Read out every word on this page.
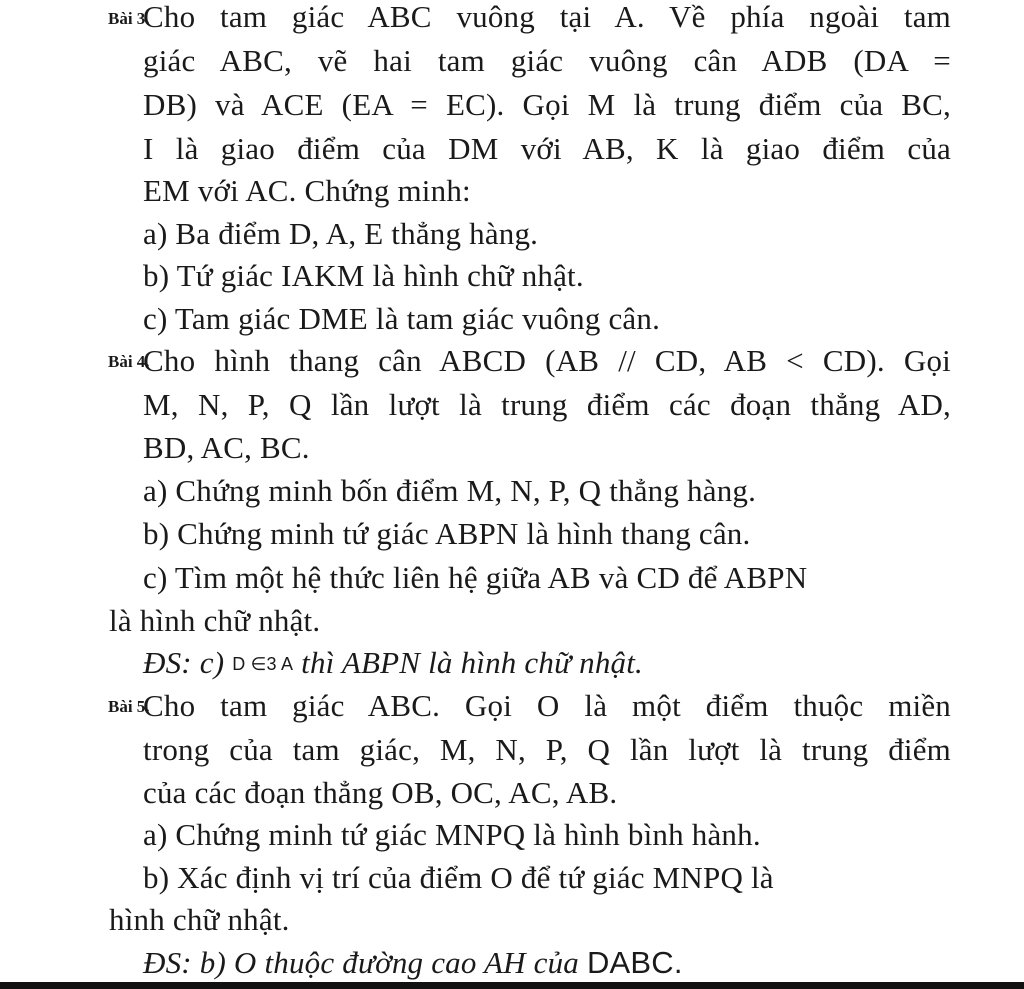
Bài 3.
Cho tam giác ABC vuông tại A. Về phía ngoài tam
giác ABC, vẽ hai tam giác vuông cân ADB (DA =
DB) và ACE (EA = EC). Gọi M là trung điểm của BC,
I là giao điểm của DM với AB, K là giao điểm của
EM với AC. Chứng minh:
a) Ba điểm D, A, E thẳng hàng.
b) Tứ giác IAKM là hình chữ nhật.
c) Tam giác DME là tam giác vuông cân.
Bài 4.
Cho hình thang cân ABCD (AB // CD, AB < CD). Gọi
M, N, P, Q lần lượt là trung điểm các đoạn thẳng AD,
BD, AC, BC.
a) Chứng minh bốn điểm M, N, P, Q thẳng hàng.
b) Chứng minh tứ giác ABPN là hình thang cân.
c) Tìm một hệ thức liên hệ giữa AB và CD để ABPN
là hình chữ nhật.
ĐS: c) D ∈3 A thì ABPN là hình chữ nhật.
Bài 5.
Cho tam giác ABC. Gọi O là một điểm thuộc miền
trong của tam giác, M, N, P, Q lần lượt là trung điểm
của các đoạn thẳng OB, OC, AC, AB.
a) Chứng minh tứ giác MNPQ là hình bình hành.
b) Xác định vị trí của điểm O để tứ giác MNPQ là
hình chữ nhật.
ĐS: b) O thuộc đường cao AH của DABC.
